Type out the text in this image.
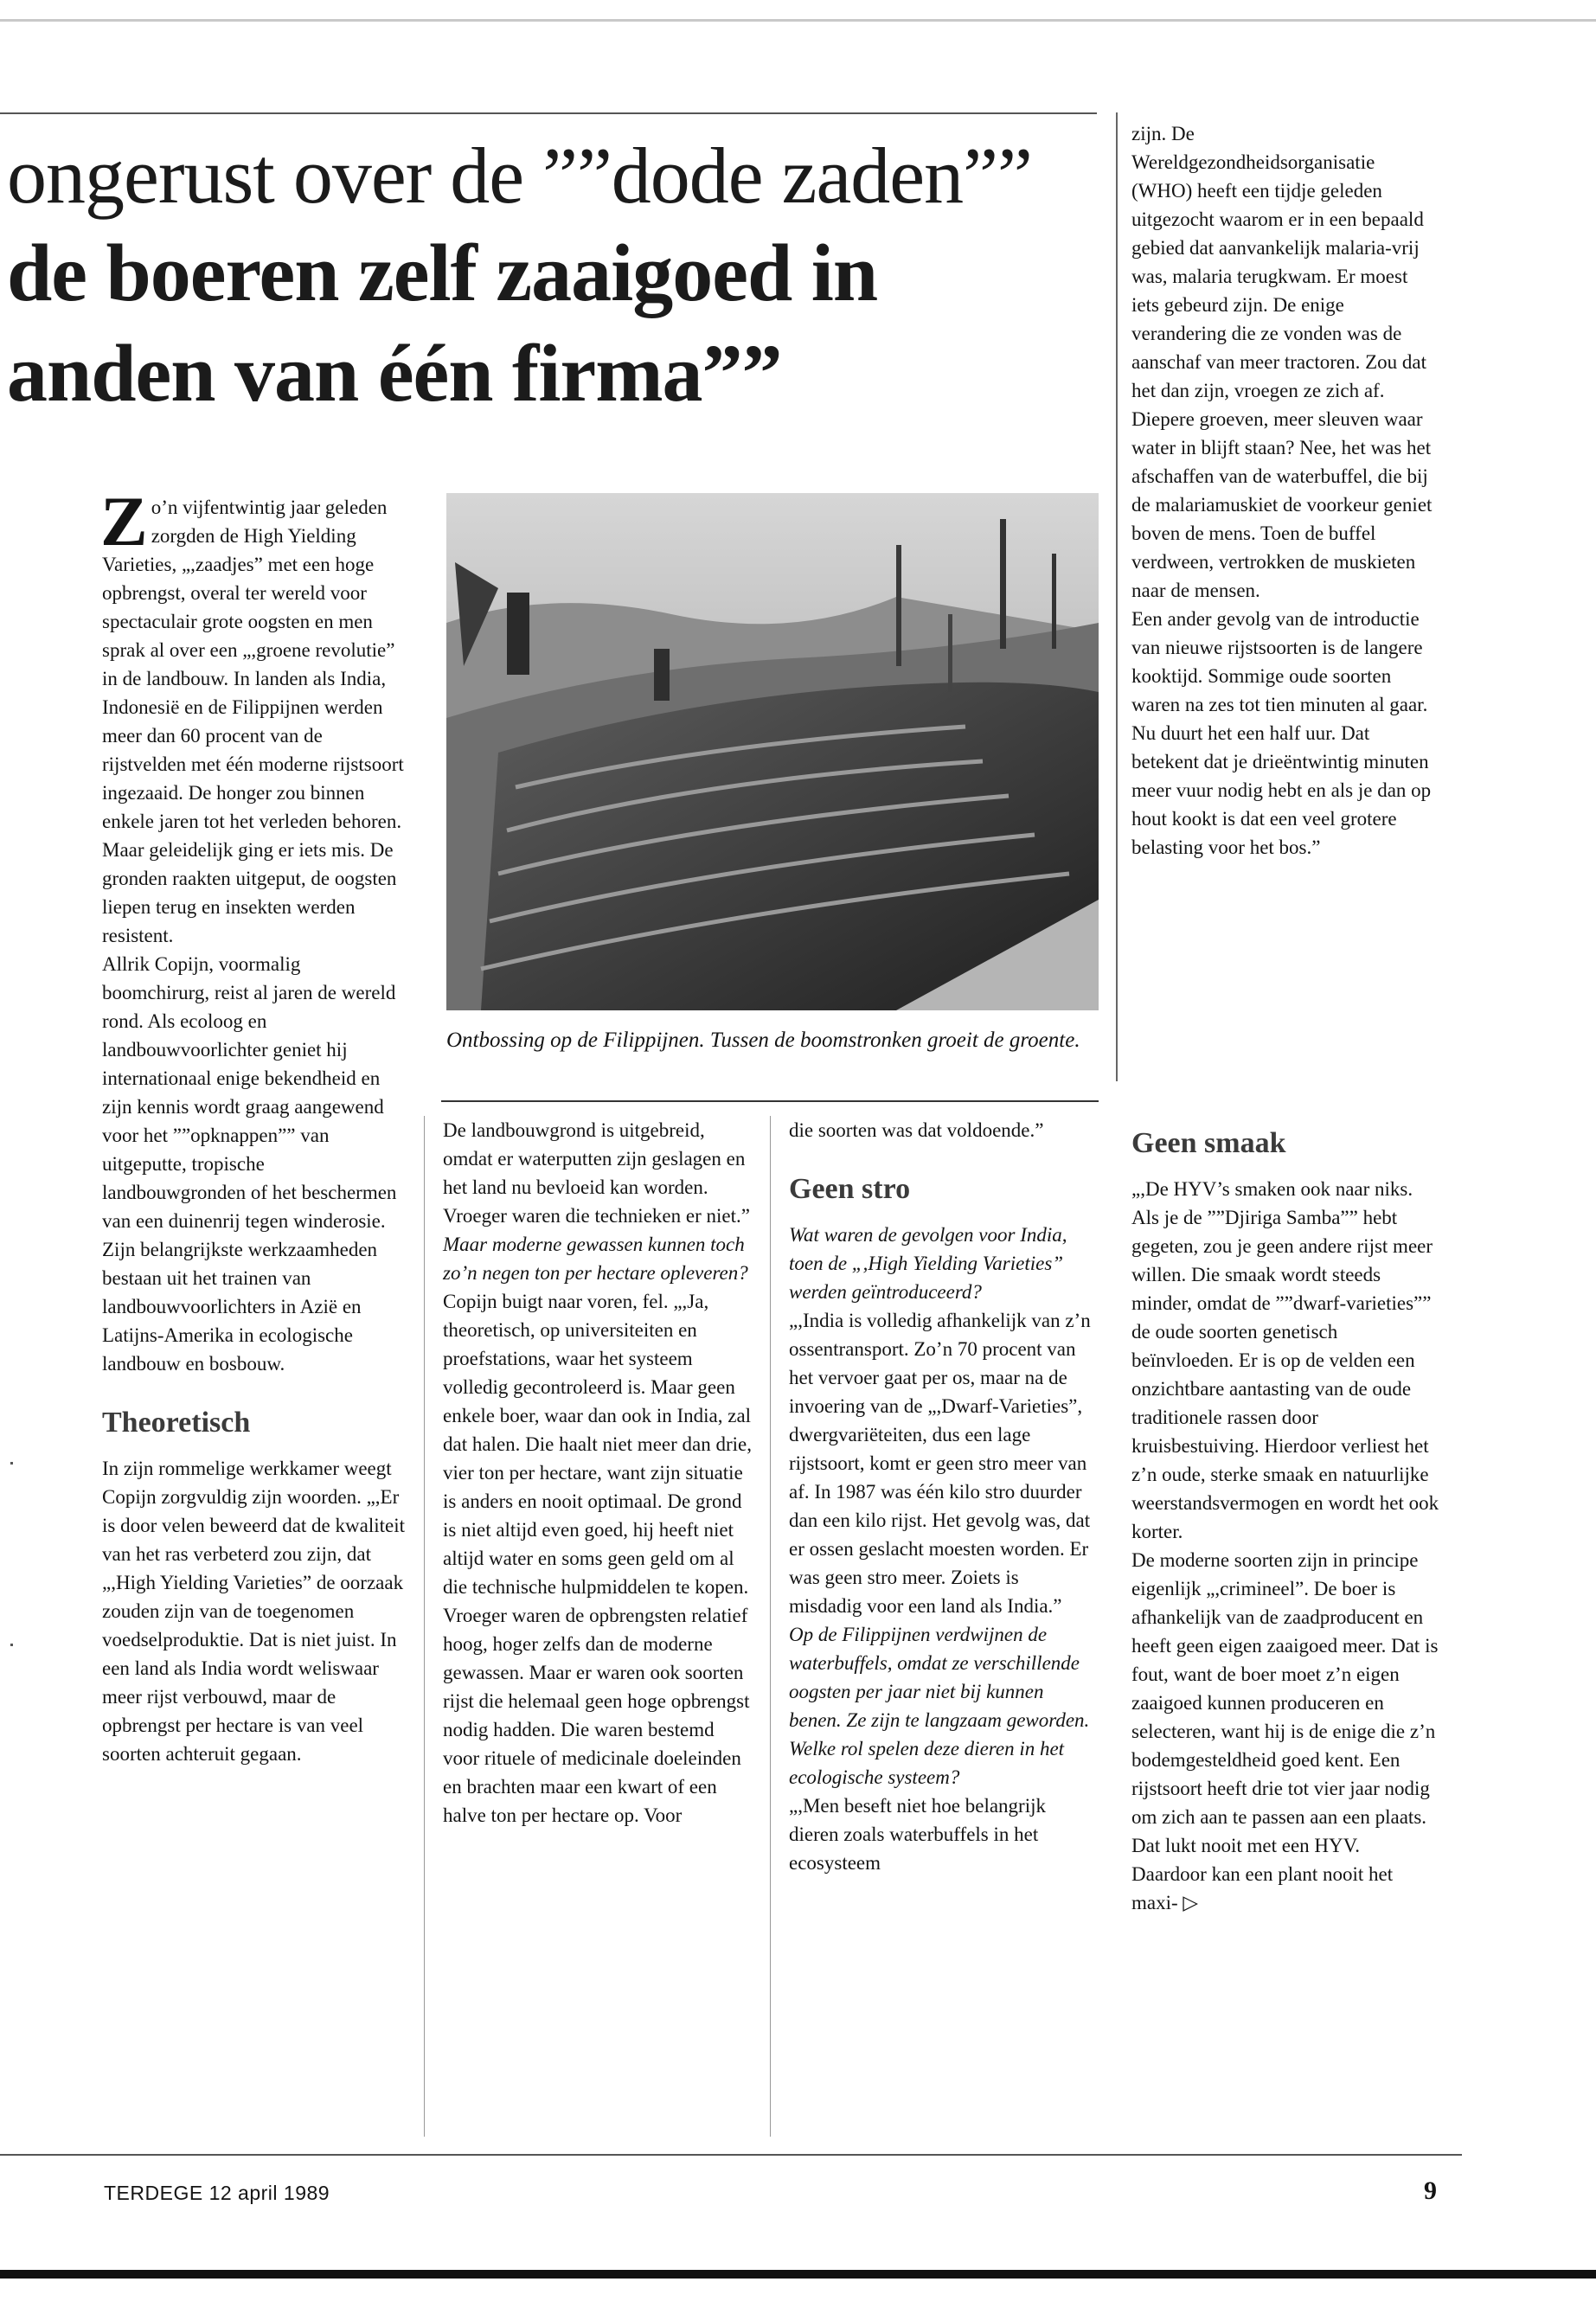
ongerust over de ””dode zaden””
de boeren zelf zaaigoed in
anden van één firma””

zijn. De Wereldgezondheidsorganisatie (WHO) heeft een tijdje geleden uitgezocht waarom er in een bepaald gebied dat aanvankelijk malaria-vrij was, malaria terugkwam. Er moest iets gebeurd zijn. De enige verandering die ze vonden was de aanschaf van meer tractoren. Zou dat het dan zijn, vroegen ze zich af. Diepere groeven, meer sleuven waar water in blijft staan? Nee, het was het afschaffen van de waterbuffel, die bij de malariamuskiet de voorkeur geniet boven de mens. Toen de buffel verdween, vertrokken de muskieten naar de mensen.

Een ander gevolg van de introductie van nieuwe rijstsoorten is de langere kooktijd. Sommige oude soorten waren na zes tot tien minuten al gaar. Nu duurt het een half uur. Dat betekent dat je drieëntwintig minuten meer vuur nodig hebt en als je dan op hout kookt is dat een veel grotere belasting voor het bos.”

Zo’n vijfentwintig jaar geleden zorgden de High Yielding Varieties, „,zaadjes” met een hoge opbrengst, overal ter wereld voor spectaculair grote oogsten en men sprak al over een „,groene revolutie” in de landbouw. In landen als India, Indonesië en de Filippijnen werden meer dan 60 procent van de rijstvelden met één moderne rijstsoort ingezaaid. De honger zou binnen enkele jaren tot het verleden behoren. Maar geleidelijk ging er iets mis. De gronden raakten uitgeput, de oogsten liepen terug en insekten werden resistent.

Allrik Copijn, voormalig boomchirurg, reist al jaren de wereld rond. Als ecoloog en landbouwvoorlichter geniet hij internationaal enige bekendheid en zijn kennis wordt graag aangewend voor het ””opknappen”” van uitgeputte, tropische landbouwgronden of het beschermen van een duinenrij tegen winderosie. Zijn belangrijkste werkzaamheden bestaan uit het trainen van landbouwvoorlichters in Azië en Latijns-Amerika in ecologische landbouw en bosbouw.

Theoretisch

In zijn rommelige werkkamer weegt Copijn zorgvuldig zijn woorden. „,Er is door velen beweerd dat de kwaliteit van het ras verbeterd zou zijn, dat „,High Yielding Varieties” de oorzaak zouden zijn van de toegenomen voedselproduktie. Dat is niet juist. In een land als India wordt weliswaar meer rijst verbouwd, maar de opbrengst per hectare is van veel soorten achteruit gegaan.

Ontbossing op de Filippijnen. Tussen de boomstronken groeit de groente.

De landbouwgrond is uitgebreid, omdat er waterputten zijn geslagen en het land nu bevloeid kan worden. Vroeger waren die technieken er niet.”

Maar moderne gewassen kunnen toch zo’n negen ton per hectare opleveren?

Copijn buigt naar voren, fel. „,Ja, theoretisch, op universiteiten en proefstations, waar het systeem volledig gecontroleerd is. Maar geen enkele boer, waar dan ook in India, zal dat halen. Die haalt niet meer dan drie, vier ton per hectare, want zijn situatie is anders en nooit optimaal. De grond is niet altijd even goed, hij heeft niet altijd water en soms geen geld om al die technische hulpmiddelen te kopen. Vroeger waren de opbrengsten relatief hoog, hoger zelfs dan de moderne gewassen. Maar er waren ook soorten rijst die helemaal geen hoge opbrengst nodig hadden. Die waren bestemd voor rituele of medicinale doeleinden en brachten maar een kwart of een halve ton per hectare op. Voor

die soorten was dat voldoende.”

Geen stro

Wat waren de gevolgen voor India, toen de „,High Yielding Varieties” werden geïntroduceerd?

„,India is volledig afhankelijk van z’n ossentransport. Zo’n 70 procent van het vervoer gaat per os, maar na de invoering van de „,Dwarf-Varieties”, dwergvariëteiten, dus een lage rijstsoort, komt er geen stro meer van af. In 1987 was één kilo stro duurder dan een kilo rijst. Het gevolg was, dat er ossen geslacht moesten worden. Er was geen stro meer. Zoiets is misdadig voor een land als India.”

Op de Filippijnen verdwijnen de waterbuffels, omdat ze verschillende oogsten per jaar niet bij kunnen benen. Ze zijn te langzaam geworden. Welke rol spelen deze dieren in het ecologische systeem?

„,Men beseft niet hoe belangrijk dieren zoals waterbuffels in het ecosysteem

Geen smaak

„,De HYV’s smaken ook naar niks. Als je de ””Djiriga Samba”” hebt gegeten, zou je geen andere rijst meer willen. Die smaak wordt steeds minder, omdat de ””dwarf-varieties”” de oude soorten genetisch beïnvloeden. Er is op de velden een onzichtbare aantasting van de oude traditionele rassen door kruisbestuiving. Hierdoor verliest het z’n oude, sterke smaak en natuurlijke weerstandsvermogen en wordt het ook korter.

De moderne soorten zijn in principe eigenlijk „,crimineel”. De boer is afhankelijk van de zaadproducent en heeft geen eigen zaaigoed meer. Dat is fout, want de boer moet z’n eigen zaaigoed kunnen produceren en selecteren, want hij is de enige die z’n bodemgesteldheid goed kent. Een rijstsoort heeft drie tot vier jaar nodig om zich aan te passen aan een plaats. Dat lukt nooit met een HYV. Daardoor kan een plant nooit het maxi- ▷

TERDEGE 12 april 1989	9
